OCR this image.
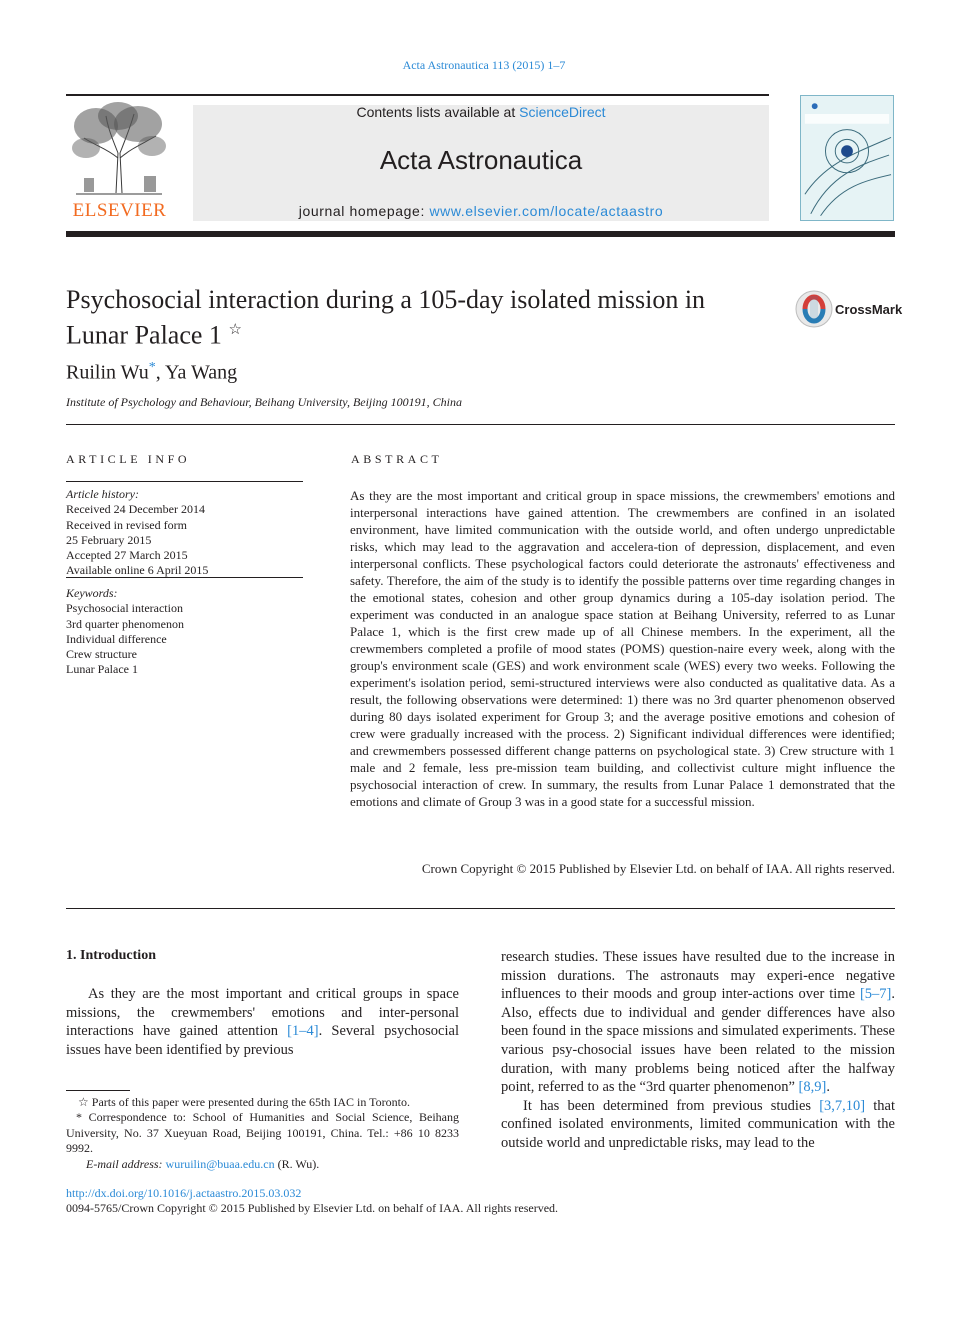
Acta Astronautica 113 (2015) 1–7
Contents lists available at ScienceDirect
Acta Astronautica
journal homepage: www.elsevier.com/locate/actaastro
ELSEVIER
Psychosocial interaction during a 105-day isolated mission in Lunar Palace 1 ☆
CrossMark
Ruilin Wu*, Ya Wang
Institute of Psychology and Behaviour, Beihang University, Beijing 100191, China
ARTICLE INFO
Article history:
Received 24 December 2014
Received in revised form
25 February 2015
Accepted 27 March 2015
Available online 6 April 2015
Keywords:
Psychosocial interaction
3rd quarter phenomenon
Individual difference
Crew structure
Lunar Palace 1
ABSTRACT
As they are the most important and critical group in space missions, the crewmembers' emotions and interpersonal interactions have gained attention. The crewmembers are confined in an isolated environment, have limited communication with the outside world, and often undergo unpredictable risks, which may lead to the aggravation and accelera-tion of depression, displacement, and even interpersonal conflicts. These psychological factors could deteriorate the astronauts' effectiveness and safety. Therefore, the aim of the study is to identify the possible patterns over time regarding changes in the emotional states, cohesion and other group dynamics during a 105-day isolation period. The experiment was conducted in an analogue space station at Beihang University, referred to as Lunar Palace 1, which is the first crew made up of all Chinese members. In the experiment, all the crewmembers completed a profile of mood states (POMS) question-naire every week, along with the group's environment scale (GES) and work environment scale (WES) every two weeks. Following the experiment's isolation period, semi-structured interviews were also conducted as qualitative data. As a result, the following observations were determined: 1) there was no 3rd quarter phenomenon observed during 80 days isolated experiment for Group 3; and the average positive emotions and cohesion of crew were gradually increased with the process. 2) Significant individual differences were identified; and crewmembers possessed different change patterns on psychological state. 3) Crew structure with 1 male and 2 female, less pre-mission team building, and collectivist culture might influence the psychosocial interaction of crew. In summary, the results from Lunar Palace 1 demonstrated that the emotions and climate of Group 3 was in a good state for a successful mission.
Crown Copyright © 2015 Published by Elsevier Ltd. on behalf of IAA. All rights reserved.
1. Introduction

As they are the most important and critical groups in space missions, the crewmembers' emotions and inter-personal interactions have gained attention [1–4]. Several psychosocial issues have been identified by previous

research studies. These issues have resulted due to the increase in mission durations. The astronauts may experi-ence negative influences to their moods and group inter-actions over time [5–7]. Also, effects due to individual and gender differences have also been found in the space missions and simulated experiments. These various psy-chosocial issues have been related to the mission duration, with many problems being noticed after the halfway point, referred to as the “3rd quarter phenomenon” [8,9].

It has been determined from previous studies [3,7,10] that confined isolated environments, limited communication with the outside world and unpredictable risks, may lead to the

☆ Parts of this paper were presented during the 65th IAC in Toronto.
* Correspondence to: School of Humanities and Social Science, Beihang University, No. 37 Xueyuan Road, Beijing 100191, China. Tel.: +86 10 8233 9992.
E-mail address: wuruilin@buaa.edu.cn (R. Wu).
http://dx.doi.org/10.1016/j.actaastro.2015.03.032
0094-5765/Crown Copyright © 2015 Published by Elsevier Ltd. on behalf of IAA. All rights reserved.
